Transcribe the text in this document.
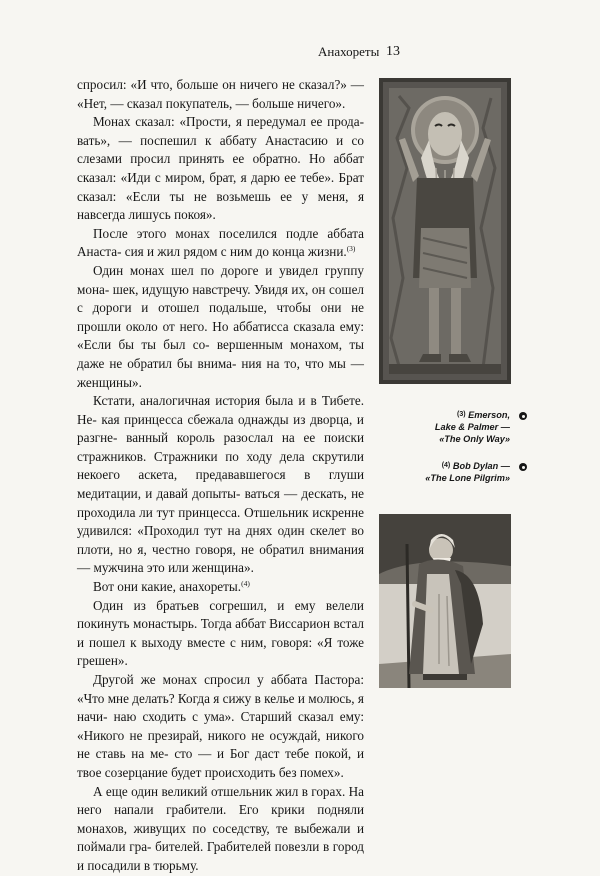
Анахореты 13

спросил: «И что, больше он ничего не сказал?» — «Нет, — сказал покупатель, — больше ничего».

Монах сказал: «Прости, я передумал ее прода- вать», — поспешил к аббату Анастасию и со слезами просил принять ее обратно. Но аббат сказал: «Иди с миром, брат, я дарю ее тебе». Брат сказал: «Если ты не возьмешь ее у меня, я навсегда лишусь покоя».

После этого монах поселился подле аббата Анаста- сия и жил рядом с ним до конца жизни.$^{(3)}$

Один монах шел по дороге и увидел группу мона- шек, идущую навстречу. Увидя их, он сошел с дороги и отошел подальше, чтобы они не прошли около от него. Но аббатисса сказала ему: «Если бы ты был со- вершенным монахом, ты даже не обратил бы внима- ния на то, что мы — женщины».

Кстати, аналогичная история была и в Тибете. Не- кая принцесса сбежала однажды из дворца, и разгне- ванный король разослал на ее поиски стражников. Стражники по ходу дела скрутили некоего аскета, предававшегося в глуши медитации, и давай допыты- ваться — дескать, не проходила ли тут принцесса. Отшельник искренне удивился: «Проходил тут на днях один скелет во плоти, но я, честно говоря, не обратил внимания — мужчина это или женщина».

Вот они какие, анахореты.$^{(4)}$

Один из братьев согрешил, и ему велели покинуть монастырь. Тогда аббат Виссарион встал и пошел к выходу вместе с ним, говоря: «Я тоже грешен».

Другой же монах спросил у аббата Пастора: «Что мне делать? Когда я сижу в келье и молюсь, я начи- наю сходить с ума». Старший сказал ему: «Никого не презирай, никого не осуждай, никого не ставь на ме- сто — и Бог даст тебе покой, и твое созерцание будет происходить без помех».

А еще один великий отшельник жил в горах. На него напали грабители. Его крики подняли монахов, живущих по соседству, те выбежали и поймали гра- бителей. Грабителей повезли в город и посадили в тюрьму.

$^{(3)}$ Emerson,
Lake & Palmer —
«The Only Way»
$^{(4)}$ Bob Dylan —
«The Lone Pilgrim»
